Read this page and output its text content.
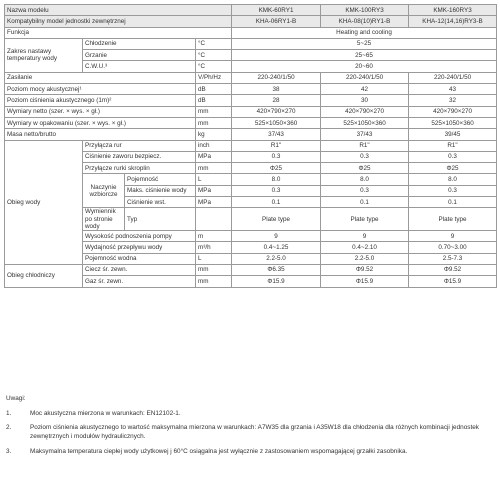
Nazwa modelu				KMK-60RY1	KMK-100RY3	KMK-160RY3
Kompatybilny model jednostki zewnętrznej				KHA-06RY1-B	KHA-08(10)RY1-B	KHA-12(14,16)RY3-B
Funkcja				Heating and cooling		
Zakres nastawy temperatury wody	Chłodzenie		°C	5~25		
	Grzanie		°C	25~65		
	C.W.U.³		°C	20~60		
Zasilanie			V/Ph/Hz	220-240/1/50	220-240/1/50	220-240/1/50
Poziom mocy akustycznej¹			dB	38	42	43
Poziom ciśnienia akustycznego (1m)²			dB	28	30	32
Wymiary netto (szer. × wys. × gł.)			mm	420×790×270	420×790×270	420×790×270
Wymiary w opakowaniu (szer. × wys. × gł.)			mm	525×1050×360	525×1050×360	525×1050×360
Masa netto/brutto			kg	37/43	37/43	39/45
Obieg wody	Przyłącza rur		inch	R1"	R1"	R1"
	Ciśnienie zaworu bezpiecz.		MPa	0.3	0.3	0.3
	Przyłącze rurki skroplin		mm	Φ25	Φ25	Φ25
	Naczynie wzbiorcze	Pojemność	L	8.0	8.0	8.0
		Maks. ciśnienie wody	MPa	0.3	0.3	0.3

		Ciśnienie wst.	MPa	0.1	0.1	0.1
	Wymiennik po stronie wody	Typ		Plate type	Plate type	Plate type

	Wysokość podnoszenia pompy		m	9	9	9
	Wydajność przepływu wody		m³/h	0.4~1.25	0.4~2.10	0.70~3.00
	Pojemność wodna		L	2.2-5.0	2.2-5.0	2.5-7.3
Obieg chłodniczy	Ciecz śr. zewn.		mm	Φ6.35	Φ9.52	Φ9.52
	Gaz śr. zewn.		mm	Φ15.9	Φ15.9	Φ15.9
Uwagi:
1.	Moc akustyczna mierzona w warunkach: EN12102-1.
2.	Poziom ciśnienia akustycznego to wartość maksymalna mierzona w warunkach: A7W35 dla grzania i A35W18 dla chłodzenia dla różnych kombinacji jednostek zewnętrznych i modułów hydraulicznych.
3.	Maksymalna temperatura ciepłej wody użytkowej j 60°C osiągalna jest wyłącznie z zastosowaniem wspomagającej grzałki zasobnika.
